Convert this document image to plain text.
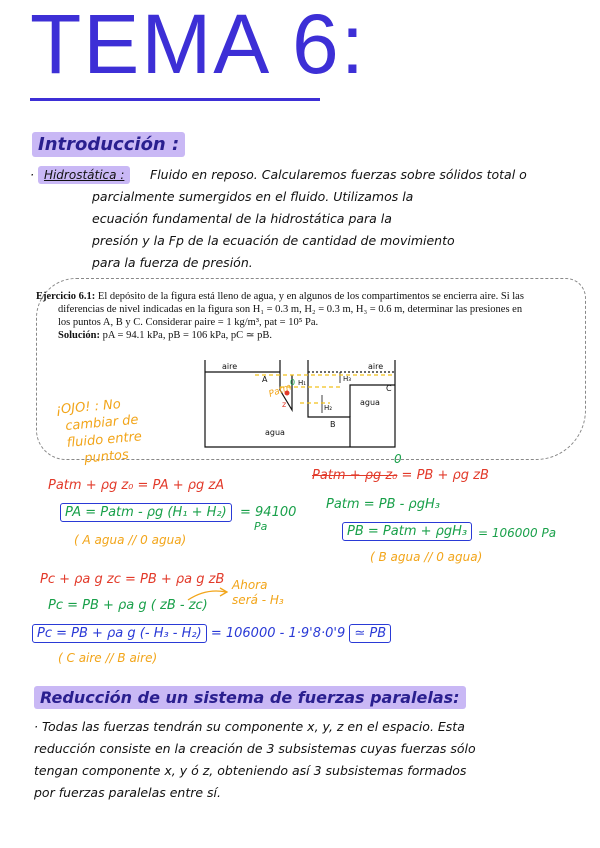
TEMA 6:
Introducción :
· Hidrostática :	Fluido en reposo. Calcularemos fuerzas sobre sólidos total o
parcialmente sumergidos en el fluido. Utilizamos la
ecuación fundamental de la hidrostática para la
presión y la Fp de la ecuación de cantidad de movimiento
para la fuerza de presión.
Ejercicio 6.1: El depósito de la figura está lleno de agua, y en algunos de los compartimentos se encierra aire. Si las
diferencias de nivel indicadas en la figura son H₁ = 0.3 m, H₂ = 0.3 m, H₃ = 0.6 m, determinar las presiones en
los puntos A, B y C. Considerar ρaire = 1 kg/m³, pat = 10⁵ Pa.
Solución: pA = 94.1 kPa, pB = 106 kPa, pC ≃ pB.
aire	aire
A
C
B
agua
agua
H₃
H₁
H₂
Patm
0
z
¡OJO! : No
cambiar de
fluido entre
puntos
Patm + ρg z₀ = PA + ρg zA
PA = Patm - ρg (H₁ + H₂)	= 94100
Pa
( A agua // 0 agua)
Patm + ρg z₀ = PB + ρg zB
0
Patm = PB - ρgH₃
PB = Patm + ρgH₃ = 106000 Pa
( B agua // 0 agua)
Pc + ρa g zc = PB + ρa g zB
Pc = PB + ρa g ( zB - zc)
Ahora
será - H₃
Pc = PB + ρa g (- H₃ - H₂) = 106000 - 1·9'8·0'9 ≃ PB
( C aire // B aire)
Reducción de un sistema de fuerzas paralelas:
· Todas las fuerzas tendrán su componente x, y, z en el espacio. Esta
reducción consiste en la creación de 3 subsistemas cuyas fuerzas sólo
tengan componente x, y ó z, obteniendo así 3 subsistemas formados
por fuerzas paralelas entre sí.
